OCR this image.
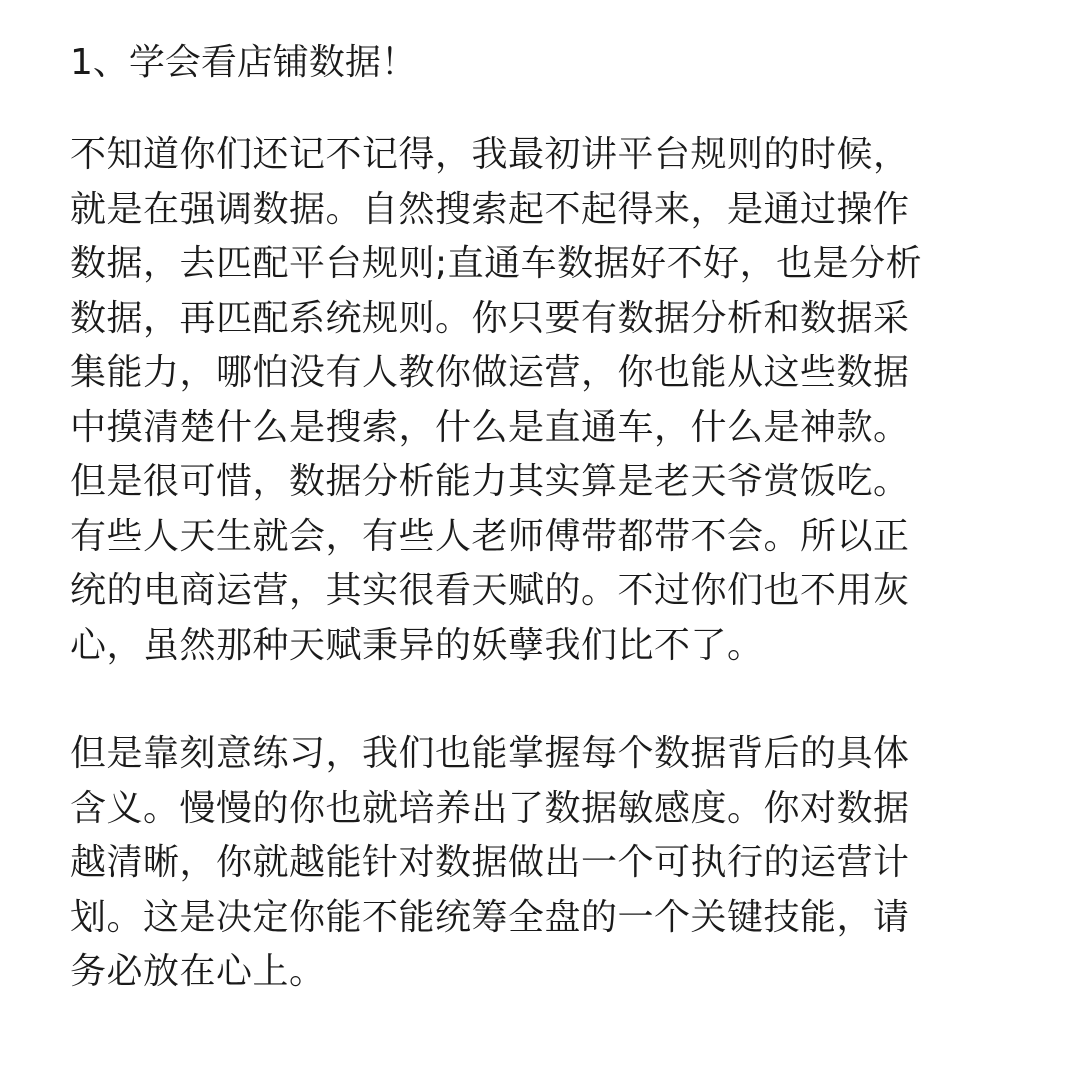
1、学会看店铺数据！

不知道你们还记不记得，我最初讲平台规则的时候，
就是在强调数据。自然搜索起不起得来，是通过操作
数据，去匹配平台规则;直通车数据好不好，也是分析
数据，再匹配系统规则。你只要有数据分析和数据采
集能力，哪怕没有人教你做运营，你也能从这些数据
中摸清楚什么是搜索，什么是直通车，什么是神款。
但是很可惜，数据分析能力其实算是老天爷赏饭吃。
有些人天生就会，有些人老师傅带都带不会。所以正
统的电商运营，其实很看天赋的。不过你们也不用灰
心，虽然那种天赋秉异的妖孽我们比不了。

但是靠刻意练习，我们也能掌握每个数据背后的具体
含义。慢慢的你也就培养出了数据敏感度。你对数据
越清晰，你就越能针对数据做出一个可执行的运营计
划。这是决定你能不能统筹全盘的一个关键技能，请
务必放在心上。
